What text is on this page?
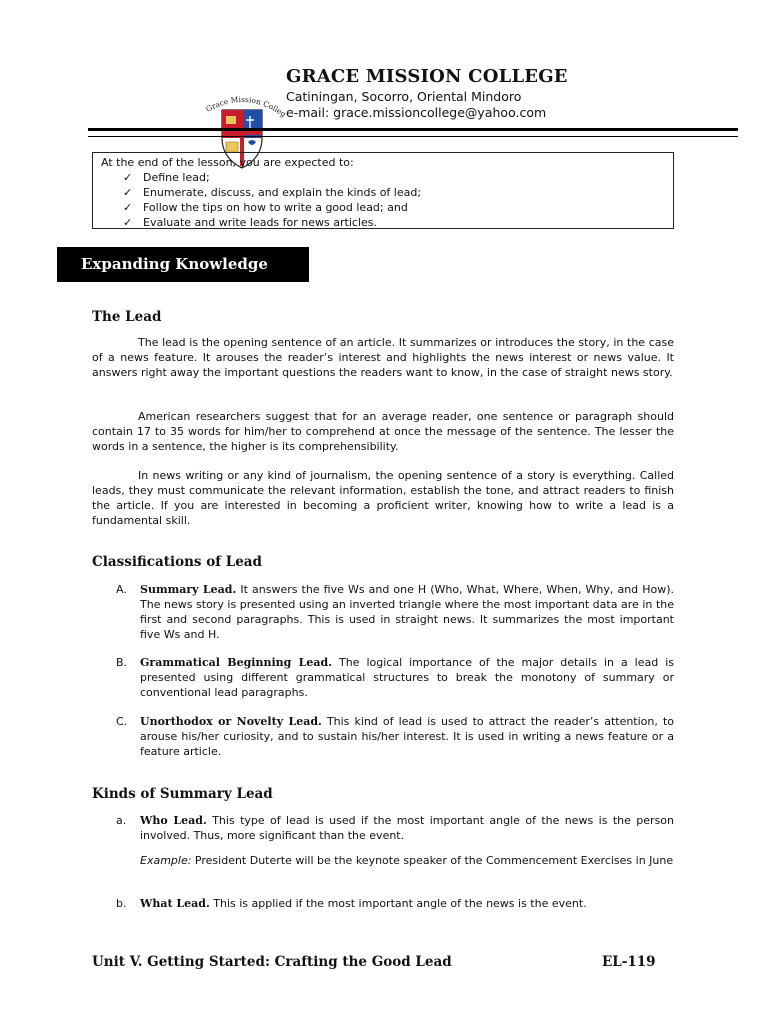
Grace Mission Colleg
GRACE MISSION COLLEGE
Catiningan, Socorro, Oriental Mindoro
e-mail: grace.missioncollege@yahoo.com
At the end of the lesson, you are expected to:
✓ Define lead;
✓ Enumerate, discuss, and explain the kinds of lead;
✓ Follow the tips on how to write a good lead; and
✓ Evaluate and write leads for news articles.
Expanding Knowledge
The Lead

The lead is the opening sentence of an article. It summarizes or introduces the story, in the case of a news feature. It arouses the reader’s interest and highlights the news interest or news value. It answers right away the important questions the readers want to know, in the case of straight news story.

American researchers suggest that for an average reader, one sentence or paragraph should contain 17 to 35 words for him/her to comprehend at once the message of the sentence. The lesser the words in a sentence, the higher is its comprehensibility.

In news writing or any kind of journalism, the opening sentence of a story is everything. Called leads, they must communicate the relevant information, establish the tone, and attract readers to finish the article. If you are interested in becoming a proficient writer, knowing how to write a lead is a fundamental skill.

Classifications of Lead
A. Summary Lead. It answers the five Ws and one H (Who, What, Where, When, Why, and How). The news story is presented using an inverted triangle where the most important data are in the first and second paragraphs. This is used in straight news. It summarizes the most important five Ws and H.
B. Grammatical Beginning Lead. The logical importance of the major details in a lead is presented using different grammatical structures to break the monotony of summary or conventional lead paragraphs.
C. Unorthodox or Novelty Lead. This kind of lead is used to attract the reader’s attention, to arouse his/her curiosity, and to sustain his/her interest. It is used in writing a news feature or a feature article.
Kinds of Summary Lead
a. Who Lead. This type of lead is used if the most important angle of the news is the person involved. Thus, more significant than the event.
Example: President Duterte will be the keynote speaker of the Commencement Exercises in June
b. What Lead. This is applied if the most important angle of the news is the event.
Unit V. Getting Started: Crafting the Good Lead	EL-119
